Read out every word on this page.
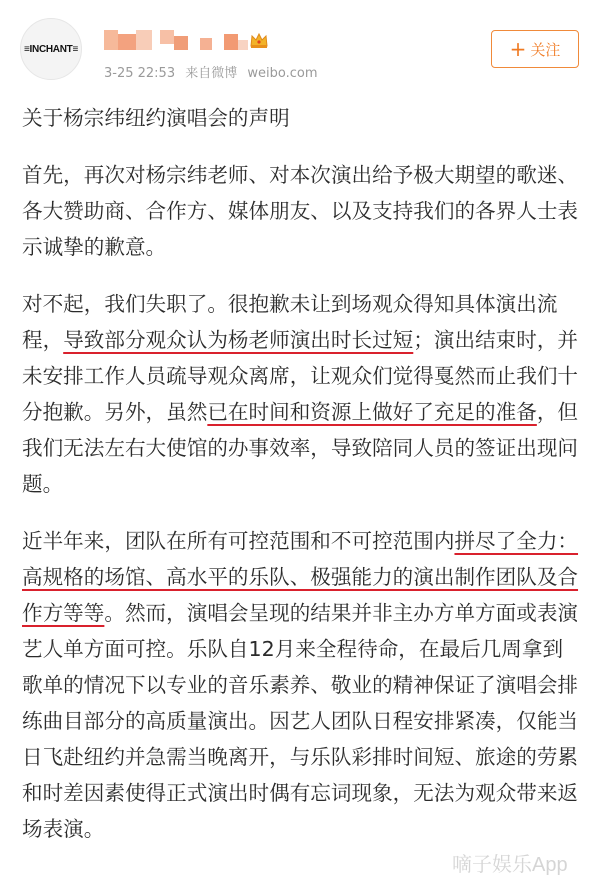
≡INCHANT≡
3-25 22:53 来自微博 weibo.com
+ 关注

关于杨宗纬纽约演唱会的声明

首先，再次对杨宗纬老师、对本次演出给予极大期望的歌迷、各大赞助商、合作方、媒体朋友、以及支持我们的各界人士表示诚挚的歉意。

对不起，我们失职了。很抱歉未让到场观众得知具体演出流程，导致部分观众认为杨老师演出时长过短；演出结束时，并未安排工作人员疏导观众离席，让观众们觉得戛然而止我们十分抱歉。另外，虽然已在时间和资源上做好了充足的准备，但我们无法左右大使馆的办事效率，导致陪同人员的签证出现问题。

近半年来，团队在所有可控范围和不可控范围内拼尽了全力：高规格的场馆、高水平的乐队、极强能力的演出制作团队及合作方等等。然而，演唱会呈现的结果并非主办方单方面或表演艺人单方面可控。乐队自12月来全程待命，在最后几周拿到歌单的情况下以专业的音乐素养、敬业的精神保证了演唱会排练曲目部分的高质量演出。因艺人团队日程安排紧凑，仅能当日飞赴纽约并急需当晚离开，与乐队彩排时间短、旅途的劳累和时差因素使得正式演出时偶有忘词现象，无法为观众带来返场表演。

嘀子娱乐App
